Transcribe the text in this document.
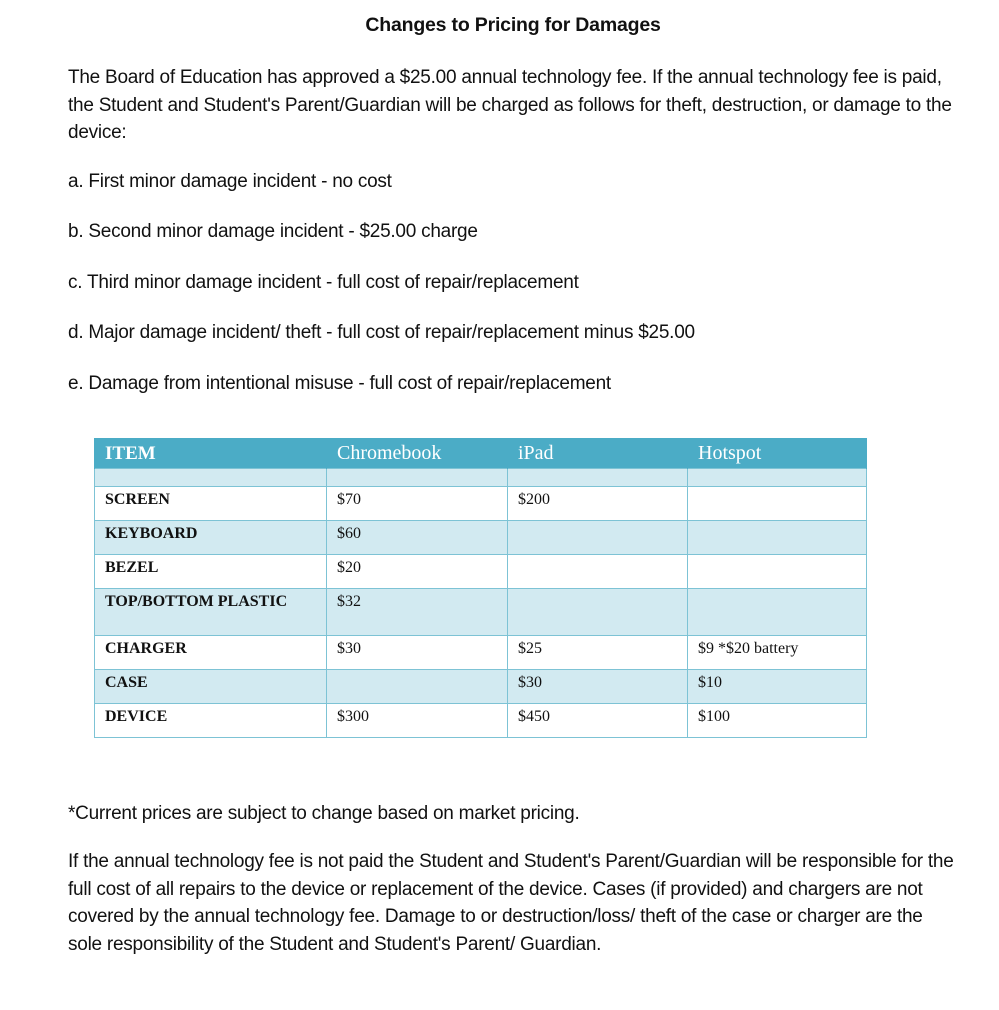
Changes to Pricing for Damages
The Board of Education has approved a $25.00 annual technology fee. If the annual technology fee is paid, the Student and Student's Parent/Guardian will be charged as follows for theft, destruction, or damage to the device:
a. First minor damage incident - no cost
b. Second minor damage incident - $25.00 charge
c. Third minor damage incident - full cost of repair/replacement
d. Major damage incident/ theft - full cost of repair/replacement minus $25.00
e. Damage from intentional misuse - full cost of repair/replacement
ITEM	Chromebook	iPad	Hotspot

SCREEN	$70	$200	
KEYBOARD	$60		
BEZEL	$20		
TOP/BOTTOM PLASTIC	$32		
CHARGER	$30	$25	$9 *$20 battery
CASE		$30	$10
DEVICE	$300	$450	$100
*Current prices are subject to change based on market pricing.
If the annual technology fee is not paid the Student and Student's Parent/Guardian will be responsible for the full cost of all repairs to the device or replacement of the device. Cases (if provided) and chargers are not covered by the annual technology fee. Damage to or destruction/loss/ theft of the case or charger are the sole responsibility of the Student and Student's Parent/ Guardian.
